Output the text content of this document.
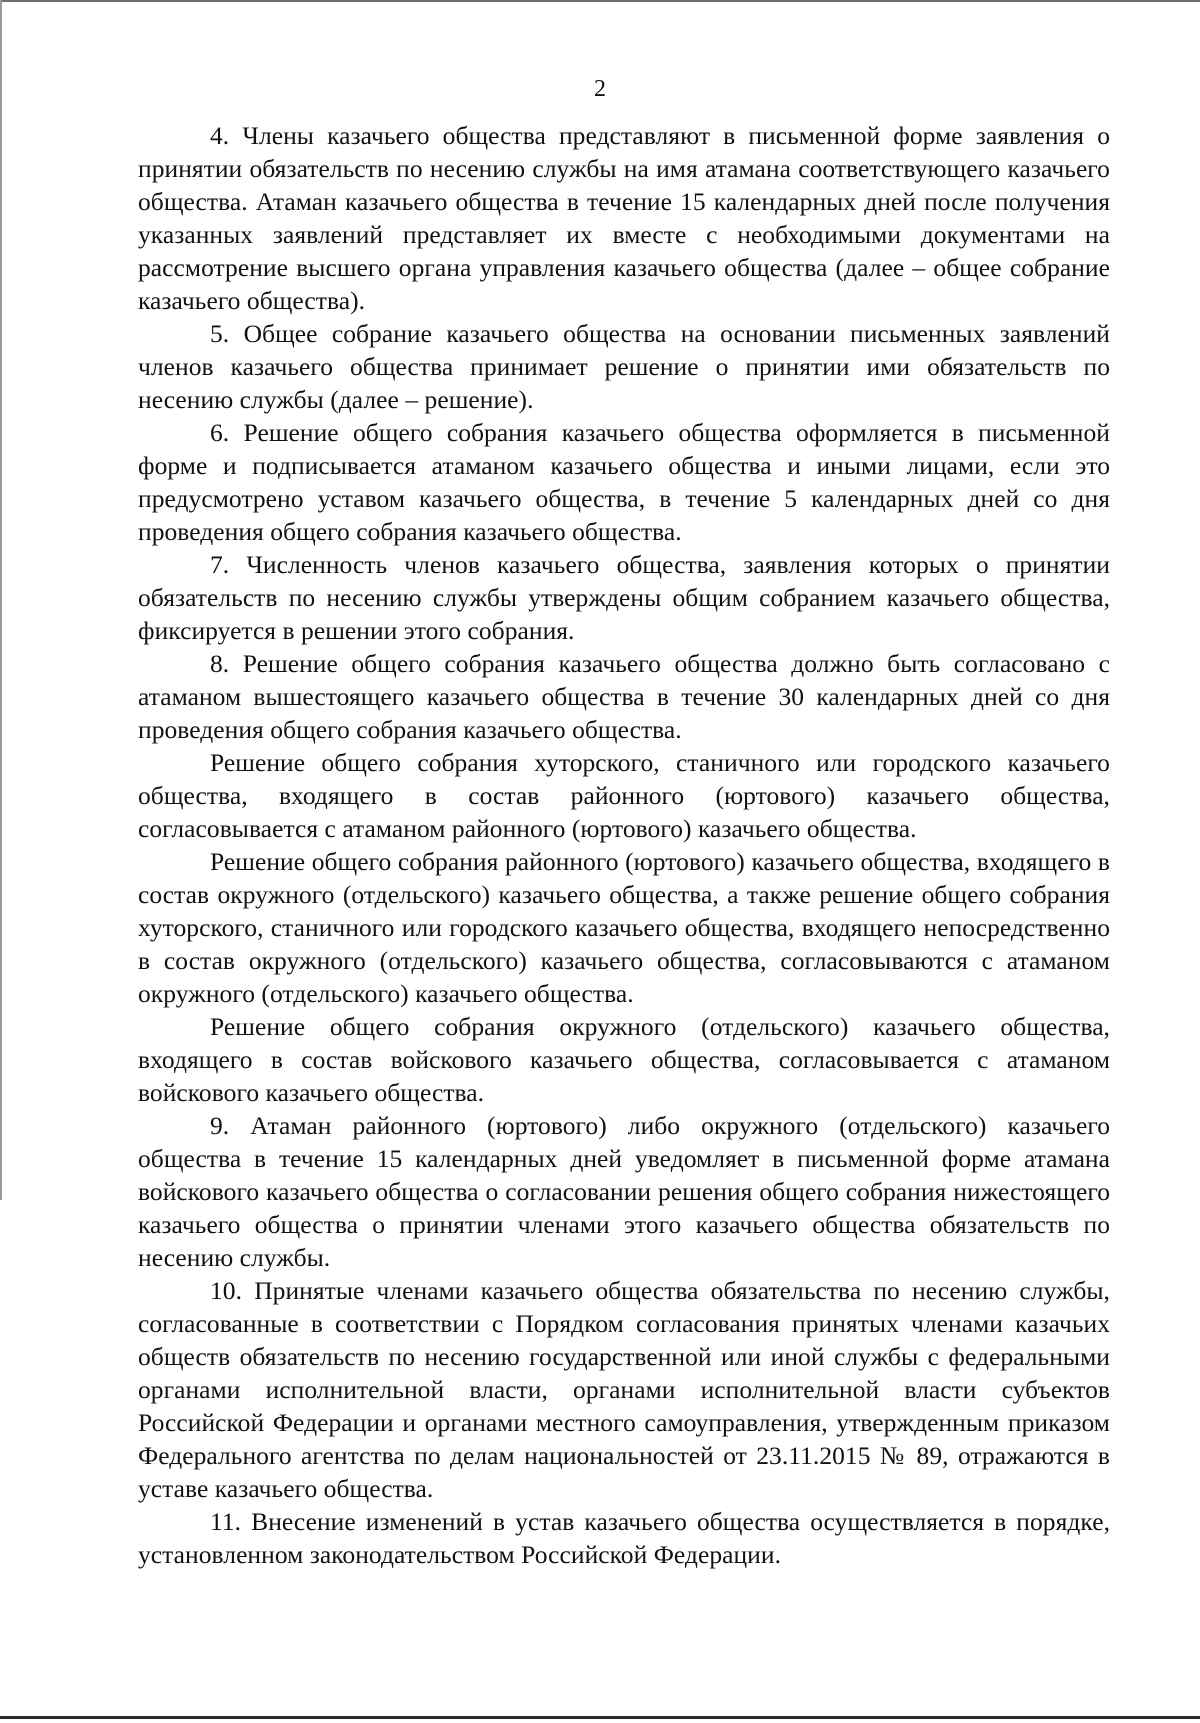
2

4. Члены казачьего общества представляют в письменной форме заявления о принятии обязательств по несению службы на имя атамана соответствующего казачьего общества. Атаман казачьего общества в течение 15 календарных дней после получения указанных заявлений представляет их вместе с необходимыми документами на рассмотрение высшего органа управления казачьего общества (далее – общее собрание казачьего общества).

5. Общее собрание казачьего общества на основании письменных заявлений членов казачьего общества принимает решение о принятии ими обязательств по несению службы (далее – решение).

6. Решение общего собрания казачьего общества оформляется в письменной форме и подписывается атаманом казачьего общества и иными лицами, если это предусмотрено уставом казачьего общества, в течение 5 календарных дней со дня проведения общего собрания казачьего общества.

7. Численность членов казачьего общества, заявления которых о принятии обязательств по несению службы утверждены общим собранием казачьего общества, фиксируется в решении этого собрания.

8. Решение общего собрания казачьего общества должно быть согласовано с атаманом вышестоящего казачьего общества в течение 30 календарных дней со дня проведения общего собрания казачьего общества.

Решение общего собрания хуторского, станичного или городского казачьего общества, входящего в состав районного (юртового) казачьего общества, согласовывается с атаманом районного (юртового) казачьего общества.

Решение общего собрания районного (юртового) казачьего общества, входящего в состав окружного (отдельского) казачьего общества, а также решение общего собрания хуторского, станичного или городского казачьего общества, входящего непосредственно в состав окружного (отдельского) казачьего общества, согласовываются с атаманом окружного (отдельского) казачьего общества.

Решение общего собрания окружного (отдельского) казачьего общества, входящего в состав войскового казачьего общества, согласовывается с атаманом войскового казачьего общества.

9. Атаман районного (юртового) либо окружного (отдельского) казачьего общества в течение 15 календарных дней уведомляет в письменной форме атамана войскового казачьего общества о согласовании решения общего собрания нижестоящего казачьего общества о принятии членами этого казачьего общества обязательств по несению службы.

10. Принятые членами казачьего общества обязательства по несению службы, согласованные в соответствии с Порядком согласования принятых членами казачьих обществ обязательств по несению государственной или иной службы с федеральными органами исполнительной власти, органами исполнительной власти субъектов Российской Федерации и органами местного самоуправления, утвержденным приказом Федерального агентства по делам национальностей от 23.11.2015 № 89, отражаются в уставе казачьего общества.

11. Внесение изменений в устав казачьего общества осуществляется в порядке, установленном законодательством Российской Федерации.
